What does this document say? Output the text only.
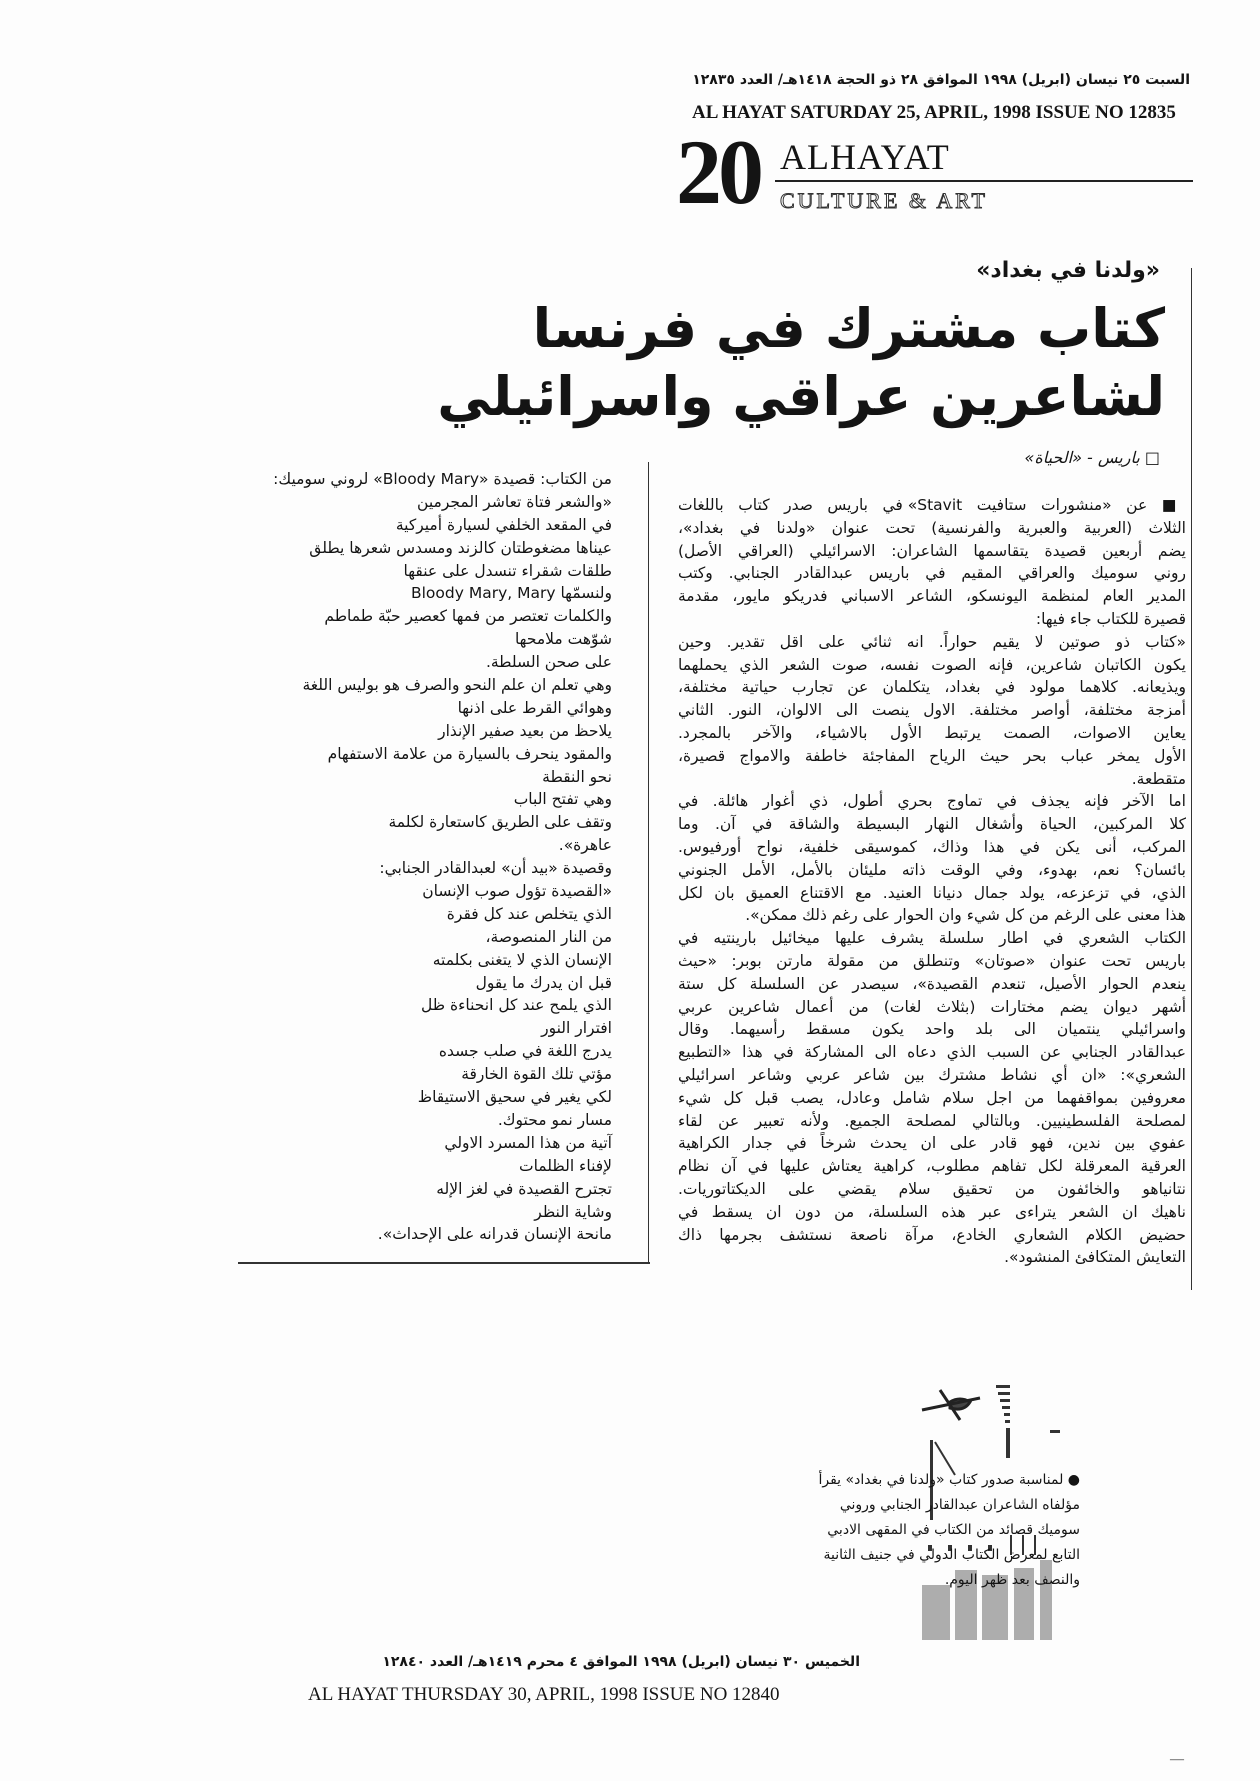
السبت ٢٥ نيسان (ابريل) ١٩٩٨ الموافق ٢٨ ذو الحجة ١٤١٨هـ/ العدد ١٢٨٣٥
AL HAYAT SATURDAY 25, APRIL, 1998 ISSUE NO 12835
20 ALHAYAT
CULTURE & ART
«ولدنا في بغداد»
كتاب مشترك في فرنسا
لشاعرين عراقي واسرائيلي
□ باريس - «الحياة»
■ عن «منشورات ستافيت Stavit» في باريس صدر كتاب باللغات
الثلاث (العربية والعبرية والفرنسية) تحت عنوان «ولدنا في بغداد»،
يضم أربعين قصيدة يتقاسمها الشاعران: الاسرائيلي (العراقي الأصل)
روني سوميك والعراقي المقيم في باريس عبدالقادر الجنابي. وكتب
المدير العام لمنظمة اليونسكو، الشاعر الاسباني فدريكو مايور، مقدمة
قصيرة للكتاب جاء فيها:
«كتاب ذو صوتين لا يقيم حواراً. انه ثنائي على اقل تقدير. وحين
يكون الكاتبان شاعرين، فإنه الصوت نفسه، صوت الشعر الذي يحملهما
ويذيعانه. كلاهما مولود في بغداد، يتكلمان عن تجارب حياتية مختلفة،
أمزجة مختلفة، أواصر مختلفة. الاول ينصت الى الالوان، النور. الثاني
يعاين الاصوات، الصمت يرتبط الأول بالاشياء، والآخر بالمجرد.
الأول يمخر عباب بحر حيث الرياح المفاجئة خاطفة والامواج قصيرة،
متقطعة.
اما الآخر فإنه يجذف في تماوج بحري أطول، ذي أغوار هائلة. في
كلا المركبين، الحياة وأشغال النهار البسيطة والشاقة في آن. وما
المركب، أنى يكن في هذا وذاك، كموسيقى خلفية، نواح أورفيوس.
بائسان؟ نعم، بهدوء، وفي الوقت ذاته مليئان بالأمل، الأمل الجنوني
الذي، في تزعزعه، يولد جمال دنيانا العنيد. مع الاقتناع العميق بان لكل
هذا معنى على الرغم من كل شيء وان الحوار على رغم ذلك ممكن».
الكتاب الشعري في اطار سلسلة يشرف عليها ميخائيل بارينتيه في
باريس تحت عنوان «صوتان» وتنطلق من مقولة مارتن بوبر: «حيث
ينعدم الحوار الأصيل، تنعدم القصيدة»، سيصدر عن السلسلة كل ستة
أشهر ديوان يضم مختارات (بثلاث لغات) من أعمال شاعرين عربي
واسرائيلي ينتميان الى بلد واحد يكون مسقط رأسيهما. وقال
عبدالقادر الجنابي عن السبب الذي دعاه الى المشاركة في هذا «التطبيع
الشعري»: «ان أي نشاط مشترك بين شاعر عربي وشاعر اسرائيلي
معروفين بمواقفهما من اجل سلام شامل وعادل، يصب قبل كل شيء
لمصلحة الفلسطينيين. وبالتالي لمصلحة الجميع. ولأنه تعبير عن لقاء
عفوي بين ندين، فهو قادر على ان يحدث شرخاً في جدار الكراهية
العرقية المعرقلة لكل تفاهم مطلوب، كراهية يعتاش عليها في آن نظام
نتانياهو والخائفون من تحقيق سلام يقضي على الديكتاتوريات.
ناهيك ان الشعر يتراءى عبر هذه السلسلة، من دون ان يسقط في
حضيض الكلام الشعاري الخادع، مرآة ناصعة نستشف بجرمها ذاك
التعايش المتكافئ المنشود».
من الكتاب: قصيدة «Bloody Mary» لروني سوميك:
«والشعر فتاة تعاشر المجرمين
في المقعد الخلفي لسيارة أميركية
عيناها مضغوطتان كالزند ومسدس شعرها يطلق
طلقات شقراء تنسدل على عنقها
ولنسمّها Bloody Mary, Mary
والكلمات تعتصر من فمها كعصير حبّة طماطم
شوّهت ملامحها
على صحن السلطة.
وهي تعلم ان علم النحو والصرف هو بوليس اللغة
وهوائي القرط على اذنها
يلاحظ من بعيد صفير الإنذار
والمقود ينحرف بالسيارة من علامة الاستفهام
نحو النقطة
وهي تفتح الباب
وتقف على الطريق كاستعارة لكلمة
عاهرة».
وقصيدة «بيد أن» لعبدالقادر الجنابي:
«القصيدة تؤول صوب الإنسان
الذي يتخلص عند كل فقرة
من النار المنصوصة،
الإنسان الذي لا يتغنى بكلمته
قبل ان يدرك ما يقول
الذي يلمح عند كل انحناءة ظل
افترار النور
يدرج اللغة في صلب جسده
مؤتي تلك القوة الخارقة
لكي يغير في سحيق الاستيقاظ
مسار نمو محتوك.
آتية من هذا المسرد الاولي
لإفناء الظلمات
تجترح القصيدة في لغز الإله
وشاية النظر
مانحة الإنسان قدرانه على الإحداث».
● لمناسبة صدور كتاب «ولدنا في بغداد» يقرأ
مؤلفاه الشاعران عبدالقادر الجنابي وروني
سوميك قصائد من الكتاب في المقهى الادبي
التابع لمعرض الكتاب الدولي في جنيف الثانية
والنصف بعد ظهر اليوم.
الخميس ٣٠ نيسان (ابريل) ١٩٩٨ الموافق ٤ محرم ١٤١٩هـ/ العدد ١٢٨٤٠
AL HAYAT THURSDAY 30, APRIL, 1998 ISSUE NO 12840
—
